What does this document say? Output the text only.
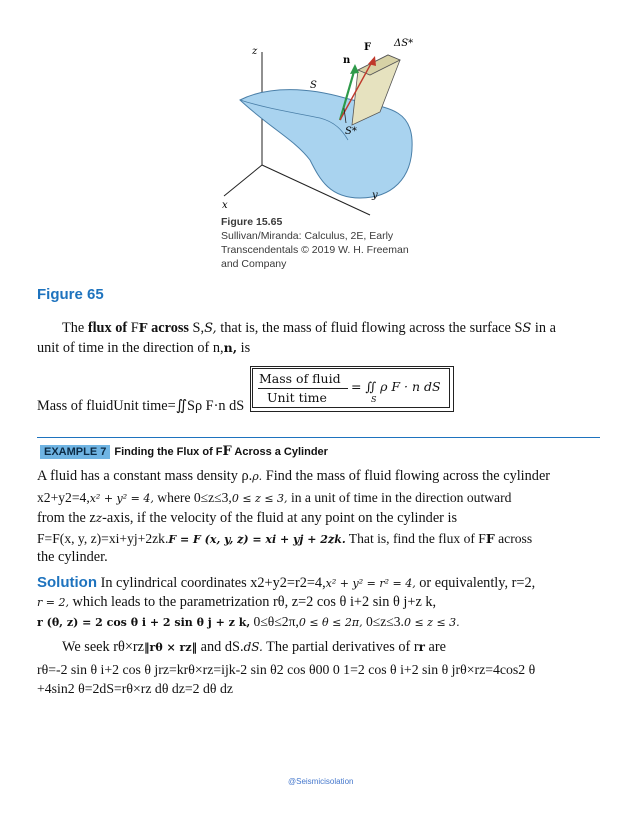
z
y
x
S
n
F ΔS*
S*
Figure 15.65
Sullivan/Miranda: Calculus, 2E, Early
Transcendentals © 2019 W. H. Freeman
and Company
Figure 65
The flux of FF across S,S, that is, the mass of fluid flowing across the surface SS in a
unit of time in the direction of n,n, is
Mass of fluidUnit time=∬Sρ F·n dS
Mass of fluid
Unit time
= ∬ ρ F · n dS
S
EXAMPLE 7 Finding the Flux of FF Across a Cylinder
A fluid has a constant mass density ρ.ρ. Find the mass of fluid flowing across the cylinder
x2+y2=4,x² + y² = 4, where 0≤z≤3,0 ≤ z ≤ 3, in a unit of time in the direction outward
from the zz-axis, if the velocity of the fluid at any point on the cylinder is
F=F(x, y, z)=xi+yj+2zk.F = F (x, y, z) = xi + yj + 2zk. That is, find the flux of FF across
the cylinder.
Solution In cylindrical coordinates x2+y2=r2=4,x² + y² = r² = 4, or equivalently, r=2,
r = 2, which leads to the parametrization rθ, z=2 cos θ i+2 sin θ j+z k,
r (θ, z) = 2 cos θ i + 2 sin θ j + z k, 0≤θ≤2π,0 ≤ θ ≤ 2π, 0≤z≤3.0 ≤ z ≤ 3.
We seek rθ×rz‖rθ × rz‖ and dS.dS. The partial derivatives of rr are
rθ=-2 sin θ i+2 cos θ jrz=krθ×rz=ijk-2 sin θ2 cos θ00 0 1=2 cos θ i+2 sin θ jrθ×rz=4cos2 θ
+4sin2 θ=2dS=rθ×rz dθ dz=2 dθ dz
@Seismicisolation
